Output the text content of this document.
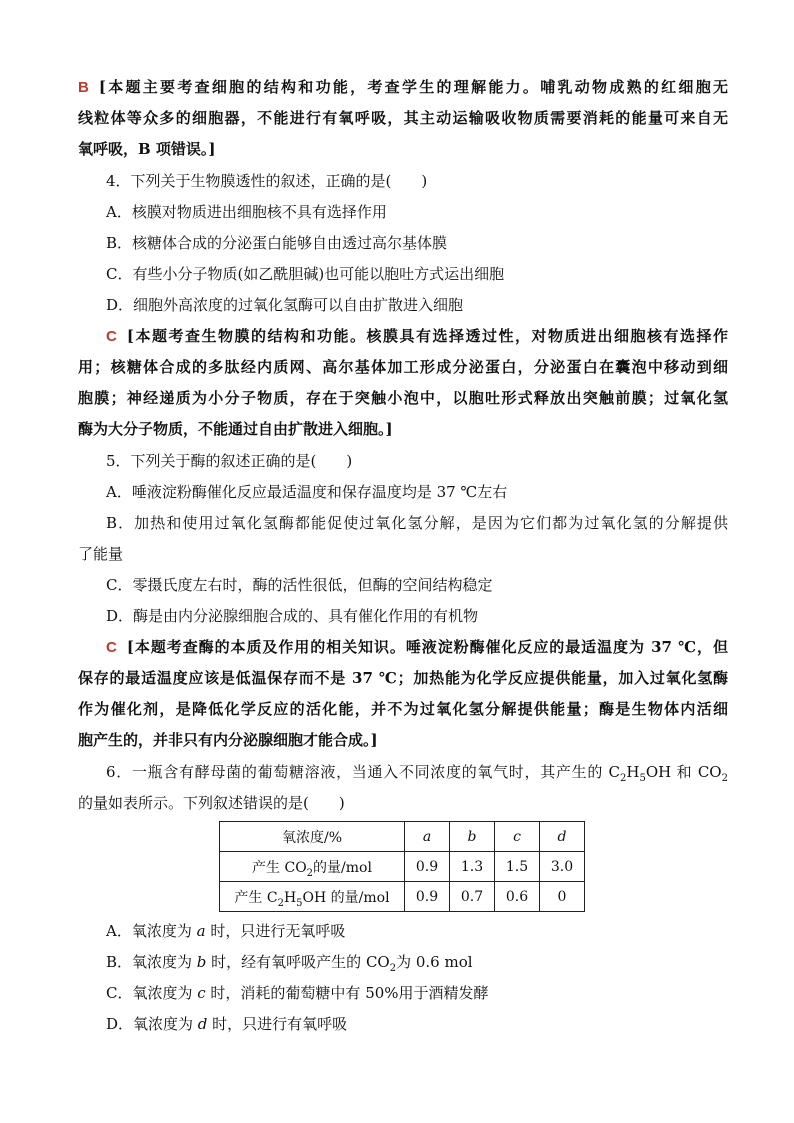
B [本题主要考查细胞的结构和功能，考查学生的理解能力。哺乳动物成熟的红细胞无
线粒体等众多的细胞器，不能进行有氧呼吸，其主动运输吸收物质需要消耗的能量可来自无
氧呼吸，B 项错误。]
4．下列关于生物膜透性的叙述，正确的是(　　)
A．核膜对物质进出细胞核不具有选择作用
B．核糖体合成的分泌蛋白能够自由透过高尔基体膜
C．有些小分子物质(如乙酰胆碱)也可能以胞吐方式运出细胞
D．细胞外高浓度的过氧化氢酶可以自由扩散进入细胞
C [本题考查生物膜的结构和功能。核膜具有选择透过性，对物质进出细胞核有选择作
用；核糖体合成的多肽经内质网、高尔基体加工形成分泌蛋白，分泌蛋白在囊泡中移动到细
胞膜；神经递质为小分子物质，存在于突触小泡中，以胞吐形式释放出突触前膜；过氧化氢
酶为大分子物质，不能通过自由扩散进入细胞。]
5．下列关于酶的叙述正确的是(　　)
A．唾液淀粉酶催化反应最适温度和保存温度均是 37 ℃左右
B．加热和使用过氧化氢酶都能促使过氧化氢分解，是因为它们都为过氧化氢的分解提供
了能量
C．零摄氏度左右时，酶的活性很低，但酶的空间结构稳定
D．酶是由内分泌腺细胞合成的、具有催化作用的有机物
C [本题考查酶的本质及作用的相关知识。唾液淀粉酶催化反应的最适温度为 37 ℃，但
保存的最适温度应该是低温保存而不是 37 ℃；加热能为化学反应提供能量，加入过氧化氢酶
作为催化剂，是降低化学反应的活化能，并不为过氧化氢分解提供能量；酶是生物体内活细
胞产生的，并非只有内分泌腺细胞才能合成。]
6．一瓶含有酵母菌的葡萄糖溶液，当通入不同浓度的氧气时，其产生的 $C_2H_5OH$ 和 $CO_2$
的量如表所示。下列叙述错误的是(　　)
氧浓度/%	a	b	c	d
产生 $CO_2$的量/mol	0.9	1.3	1.5	3.0
产生 $C_2H_5OH$ 的量/mol	0.9	0.7	0.6	0
A．氧浓度为 a 时，只进行无氧呼吸
B．氧浓度为 b 时，经有氧呼吸产生的 $CO_2$为 0.6 mol
C．氧浓度为 c 时，消耗的葡萄糖中有 50%用于酒精发酵
D．氧浓度为 d 时，只进行有氧呼吸
